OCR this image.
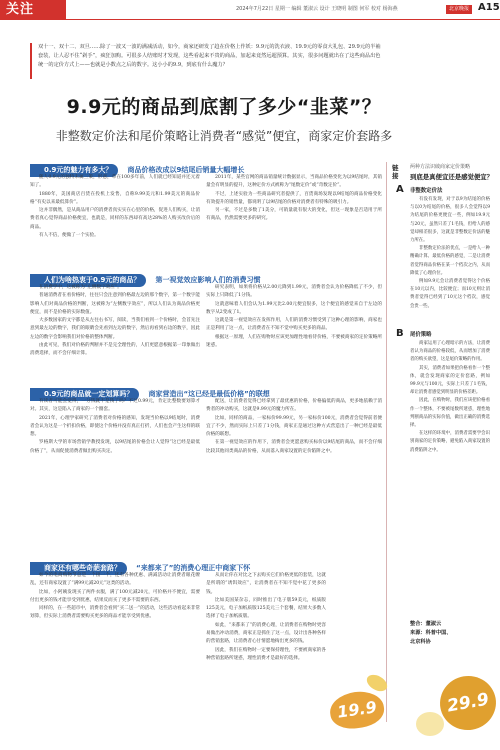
关注	2024年7月22日 星期一 编辑 董淑云 设计 王晓明 制图 何军 校对 杨海燕	北京晚报 A15
双十一、双十二、双旦……除了一波又一波的满减活动，如今，商家还研发了趋在价格上作妖：9.9元的洗衣液、19.9元的零食大礼包、29.9元的半袖套装，让人忍不住“剁手”，疯狂加购。可很多人结账时才发现，这些看起来不贵的商品，加起来竟然远超预算。其实，很多问题就出在了这些商品出色统一的定价方式上——也就是小数点之后的数字。这小小的9.9，到底有什么魔力？
9.9元的商品到底割了多少“韭菜”？
非整数定价法和尾价策略让消费者“感觉”便宜，商家定价套路多
0.9元的魅力有多大？ 商品价格改成以9结尾后销量大幅增长

随人0.9元的独特未属三策，形意，草在100多年前，人们就已经知道并还元着知了。

1880年，美国商店百货在投机上发售，自称9.99美元和1.99美元的商品价格“有史以来最低算价”。

这并非偶然，是从商品用户的消费者真实实在心里的价格，促进人们购买，让消费者真心觉得商品价格便宜，也就是，同样的东西却有高达28%的人购买改价后的商品。

有人不信，便做了一个实验。

2011年，某些官网的商品销量统计数据显示，当商品价格变化为以9结尾时，其销量会有明显的提升，这种定价方式被称为“尾数定价”或“奇数定价”。

不过，上述实验为一些商品研究者提供了，百货商场发现以9结尾的商品价格变化有效提升的销售量，都说明了以9结尾的价格对消费者有特殊的吸引力。

另一家，不过是多数了1美分，可销量就有很大的变化，但这一现象是否适用于所有商品，仍然需要更多的研究。

人们为啥热衷于0.9元的商品？ 第一视觉效应影响人们的消费习惯

在消费学中，这被称为“左侧数字效应”。

普通消费者在看价格时，往往只会注意到价格最左边的那个数字，第一个数字能影响人们对商品价格的判断，这被称为“左侧数字效应”，所以人们认为商品价格更便宜，而不是价格的实际数值。

大多数国家的文字都是从左往右书写，阅读，当我们看到一个价格时，会首先注意到最左边的数字，我们的眼睛会先看到左边的数字，然后再看到右边的数字，因此左边的数字会影响我们对价格的整体判断。

由此可见，我们对价格的判断并不是完全理性的，人们更愿意根据第一印象做出消费选择，而不会仔细计算。

研究表明，如果将价格从2.00元降到1.99元，消费者会认为价格降低了不少，但实际上只降低了1分钱。

这就意味着人们会认为1.99元比2.00元便宜很多，这个便宜的感觉来自于左边的数字从2变成了1。

这就是第一视觉效应在发挥作用，人们的消费习惯受到了这种心理的影响，商家也正是利用了这一点，让消费者在不知不觉中购买更多的商品。

根据这一原理，人们在购物时应该更加理性地看待价格，不要被商家的定价策略所迷惑。

0.9元的商品就一定划算吗？ 商家营造出“这已经是最低价格”的联想

有读者可能会觉得，一分钱就不是钱了吗？不过0.99元，肯定比整数要划算才对。其实，这是陷入了商家的一个圈套。

2021年，心理学家研究了消费者对价格的感知，发现当价格以9结尾时，消费者会认为这是一个折扣价格，即使这个价格并没有真正打折，人们也会产生这样的联想。

罗格斯大学的市场营销学教授发现，以9结尾的价格会让人觉得“这已经是最低价格了”，从而促使消费者做出购买决定。

配送，让消费者觉得已经拿到了最优惠的价格，价格偏低的商品，更多地依赖于消费者的冲动购买，这就是9.99元的魔力所在。

比如，同样的商品，一家标价99.99元，另一家标价100元，消费者会觉得前者便宜了不少，然而实际上只差了1分钱，商家正是通过这种方式营造出了一种已经是最低价格的联想。

在第一视觉效应的作用下，消费者会更愿意购买标价以9结尾的商品，而不会仔细比较其他同类商品的价格，从而落入商家设置的定价陷阱之中。

商家还有哪些奇葩套路？ “来都来了”的消费心理正中商家下怀

如今的电商购物节总是一个接一个，还有各种优惠、满减活动让消费者眼花缭乱，还有商家设置了“满99元减20元”这类的活动。

比如，小阿姨发现买了两件衣服，满了100元减20元，可价格并不便宜，需要付出更多的钱才能享受到优惠，结果反而买了更多不需要的东西。

同样的，在一些超市中，消费者会看到“买二送一”的活动，这些活动看起来非常划算，但实际上消费者需要购买更多的商品才能享受到优惠。

从而让你在对比之下去购买它们价格更低的套装，这就是所谓的“诱饵效应”，让消费者在不知不觉中花了更多的钱。

比如美国某杂志，同时推出了电子版59美元，纸质版125美元，电子加纸质版125美元三个套餐，结果大多数人选择了电子加纸质版。

如此，“来都来了”的消费心理，让消费者在购物时更容易做出冲动消费，商家正是抓住了这一点，设计出各种各样的营销套路，让消费者心甘情愿地掏出更多的钱。

因此，我们在购物时一定要保持理性，不要被商家的各种营销套路所迷惑，理性消费才是最好的选择。

链接
两种方法识破商家定价策略
到底是真便宜还是感觉便宜？
A 非整数定价法

有没有发现，对于以9为结尾的价格与以0为结尾的价格，很多人会觉得以9为结尾的价格更便宜一些，例如19.9元与20元，虽然只差了1毛钱，但给人的感觉却相差很多，这就是非整数定价法的魅力所在。

非整数定价法的优点，一是给人一种精确计算、最低价格的感觉，二是让消费者觉得商品价格在某一个档次之内，从而降低了心理价位。

例如9.9元会让消费者觉得这个价格在10元以内，比较便宜；而10元则让消费者觉得已经到了10元这个档次，感觉会贵一些。

B 尾价策略

商家运用了心理暗示的方法，让消费者认为商品的价格较低，从而增加了消费者的购买欲望，这是尾价策略的作用。

其实，消费者如果把价格看作一个整体，就会发现商家的定价套路，例如99.9元与100元，实际上只差了1毛钱，却让消费者感觉到明显的价格差距。

因此，在购物时，我们应该把价格看作一个整体，不要被尾数所迷惑，理性地判断商品的实际价值，做出正确的消费选择。

在这样的环境中，消费者需要学会识别商家的定价策略，避免陷入商家设置的消费陷阱之中。

整合：董淑云
来源：科普中国、
北京科协
19.9	29.9
